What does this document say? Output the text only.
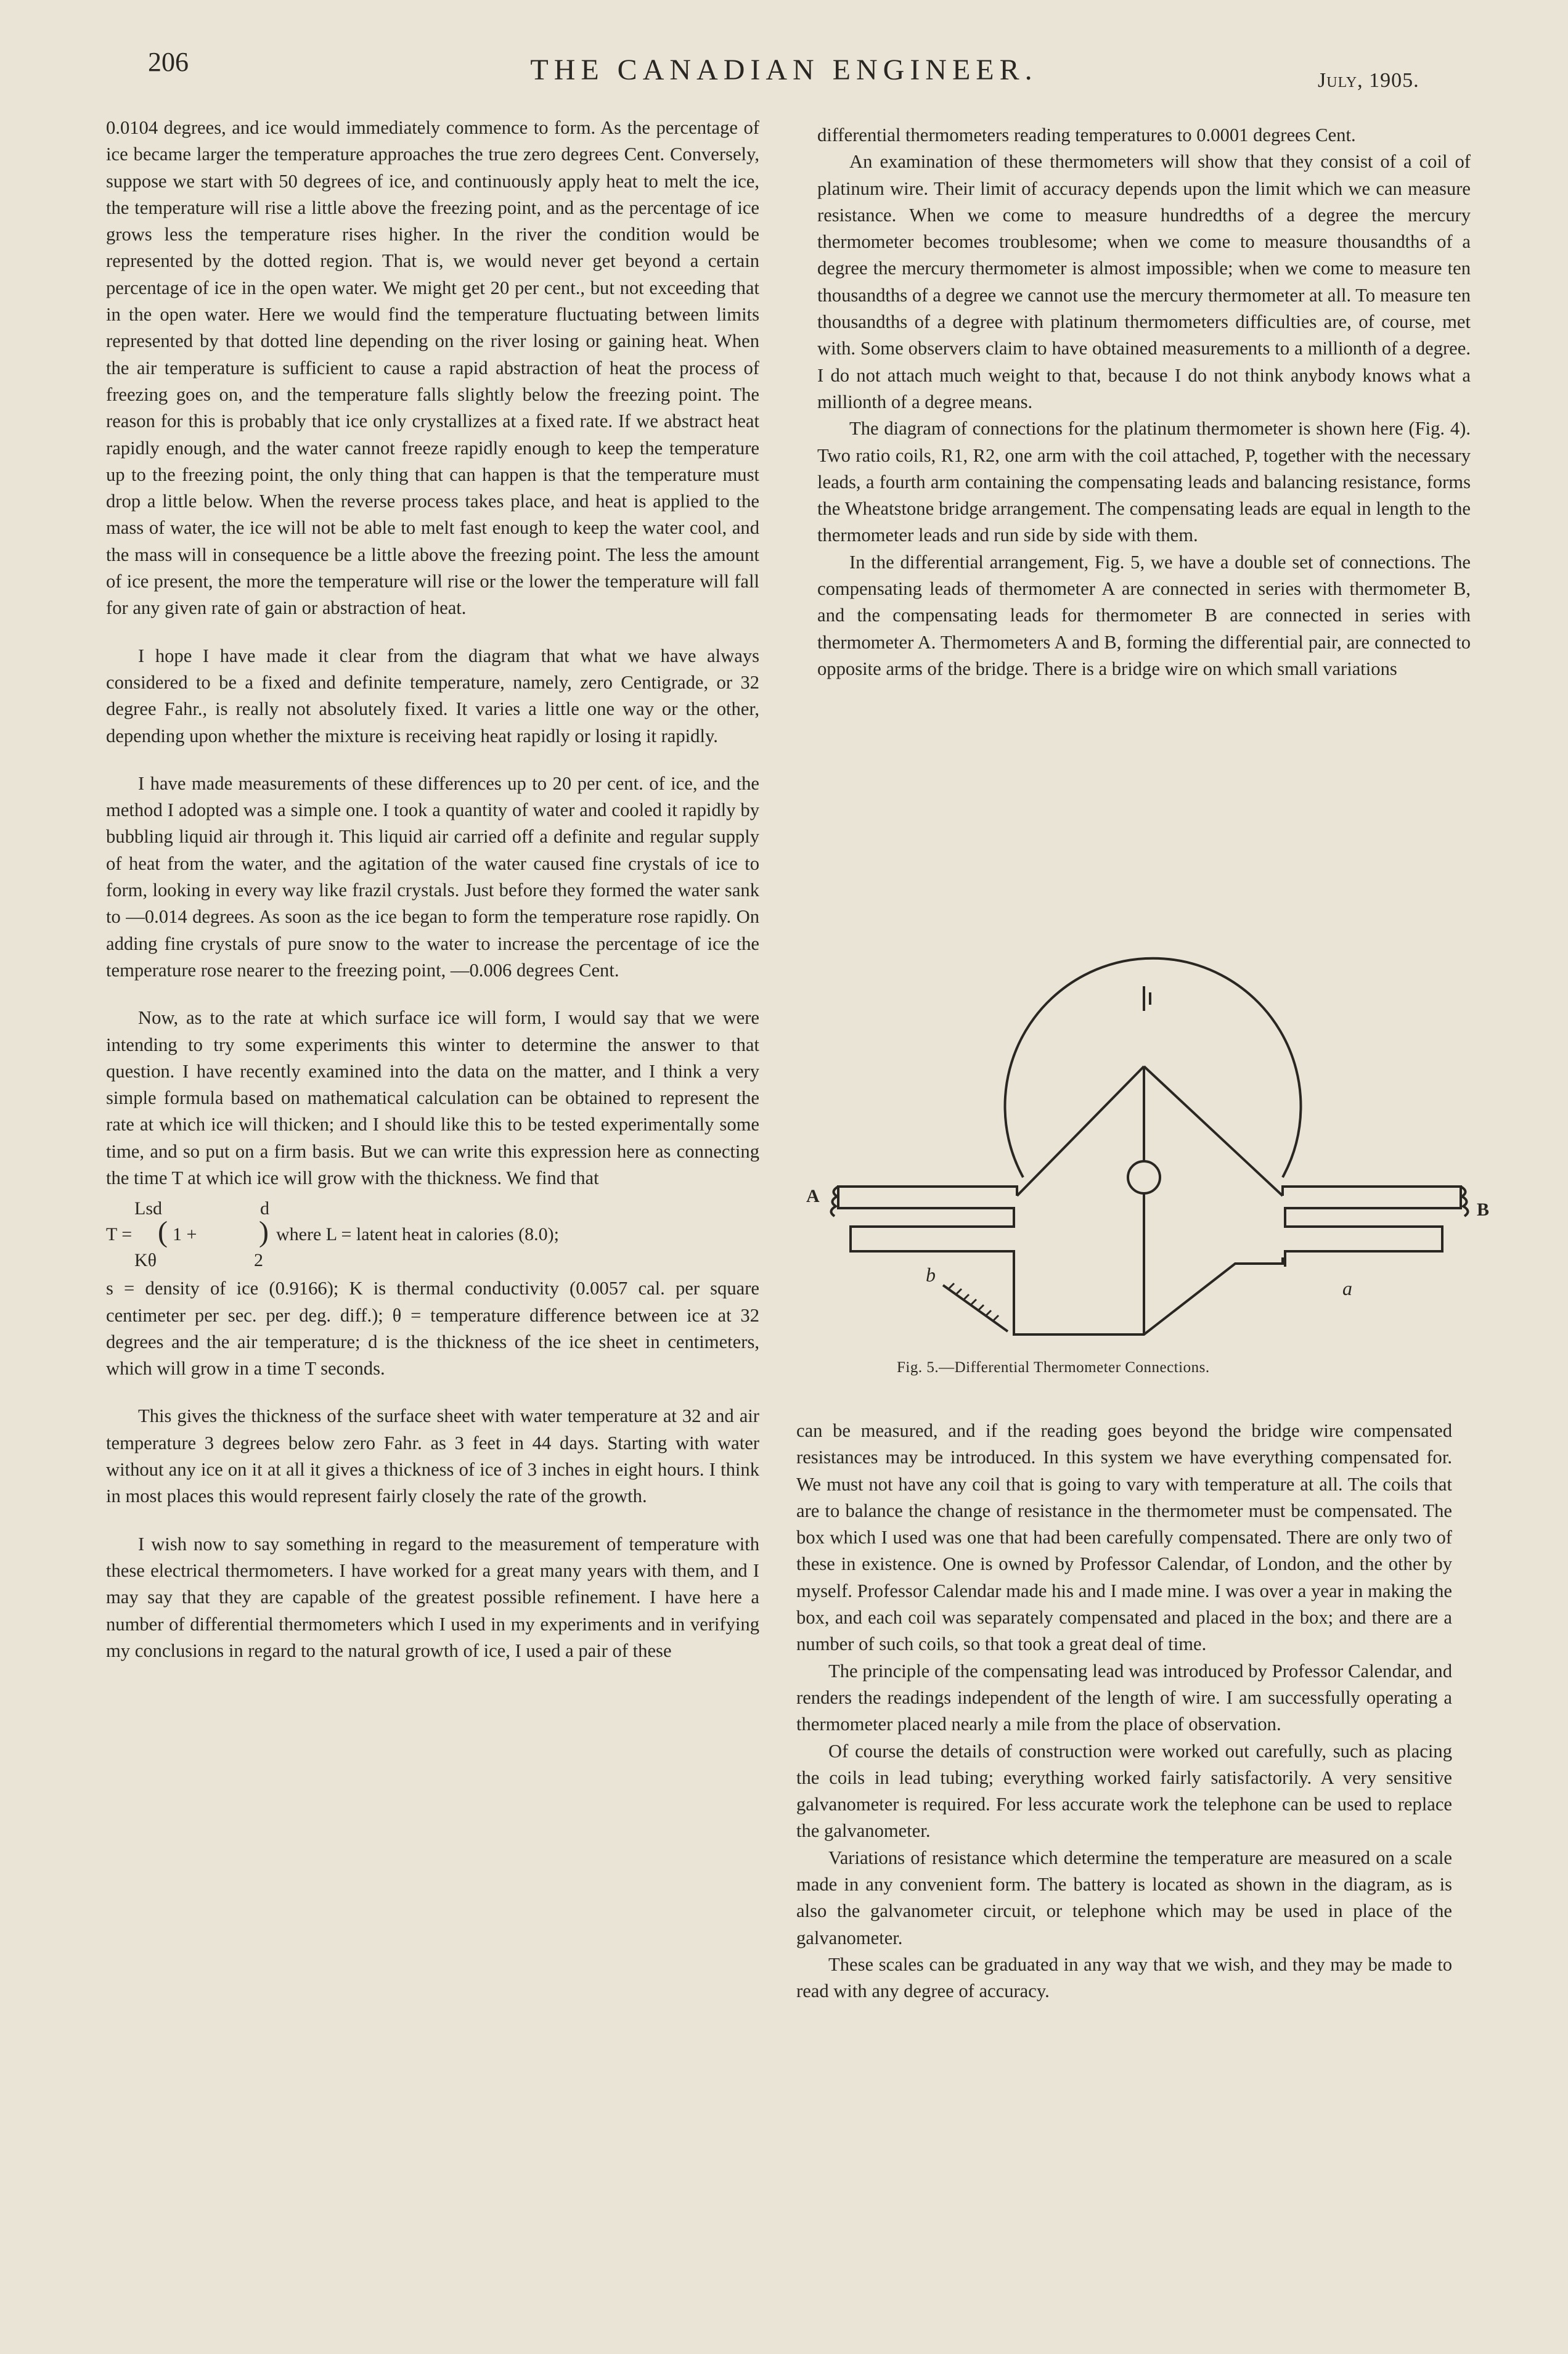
206	THE CANADIAN ENGINEER.	July, 1905.

0.0104 degrees, and ice would immediately commence to form. As the percentage of ice became larger the temperature approaches the true zero degrees Cent. Conversely, suppose we start with 50 degrees of ice, and continuously apply heat to melt the ice, the temperature will rise a little above the freezing point, and as the percentage of ice grows less the temperature rises higher. In the river the condition would be represented by the dotted region. That is, we would never get beyond a certain percentage of ice in the open water. We might get 20 per cent., but not exceeding that in the open water. Here we would find the temperature fluctuating between limits represented by that dotted line depending on the river losing or gaining heat. When the air temperature is sufficient to cause a rapid abstraction of heat the process of freezing goes on, and the temperature falls slightly below the freezing point. The reason for this is probably that ice only crystallizes at a fixed rate. If we abstract heat rapidly enough, and the water cannot freeze rapidly enough to keep the temperature up to the freezing point, the only thing that can happen is that the temperature must drop a little below. When the reverse process takes place, and heat is applied to the mass of water, the ice will not be able to melt fast enough to keep the water cool, and the mass will in consequence be a little above the freezing point. The less the amount of ice present, the more the temperature will rise or the lower the temperature will fall for any given rate of gain or abstraction of heat.

I hope I have made it clear from the diagram that what we have always considered to be a fixed and definite temperature, namely, zero Centigrade, or 32 degree Fahr., is really not absolutely fixed. It varies a little one way or the other, depending upon whether the mixture is receiving heat rapidly or losing it rapidly.

I have made measurements of these differences up to 20 per cent. of ice, and the method I adopted was a simple one. I took a quantity of water and cooled it rapidly by bubbling liquid air through it. This liquid air carried off a definite and regular supply of heat from the water, and the agitation of the water caused fine crystals of ice to form, looking in every way like frazil crystals. Just before they formed the water sank to —0.014 degrees. As soon as the ice began to form the temperature rose rapidly. On adding fine crystals of pure snow to the water to increase the percentage of ice the temperature rose nearer to the freezing point, —0.006 degrees Cent.

Now, as to the rate at which surface ice will form, I would say that we were intending to try some experiments this winter to determine the answer to that question. I have recently examined into the data on the matter, and I think a very simple formula based on mathematical calculation can be obtained to represent the rate at which ice will thicken; and I should like this to be tested experimentally some time, and so put on a firm basis. But we can write this expression here as connecting the time T at which ice will grow with the thickness. We find that

Lsd	d
T = ( 1 + ) where L = latent heat in calories (8.0);
Kθ	2

s = density of ice (0.9166); K is thermal conductivity (0.0057 cal. per square centimeter per sec. per deg. diff.); θ = temperature difference between ice at 32 degrees and the air temperature; d is the thickness of the ice sheet in centimeters, which will grow in a time T seconds.

This gives the thickness of the surface sheet with water temperature at 32 and air temperature 3 degrees below zero Fahr. as 3 feet in 44 days. Starting with water without any ice on it at all it gives a thickness of ice of 3 inches in eight hours. I think in most places this would represent fairly closely the rate of the growth.

I wish now to say something in regard to the measurement of temperature with these electrical thermometers. I have worked for a great many years with them, and I may say that they are capable of the greatest possible refinement. I have here a number of differential thermometers which I used in my experiments and in verifying my conclusions in regard to the natural growth of ice, I used a pair of these

differential thermometers reading temperatures to 0.0001 degrees Cent.

An examination of these thermometers will show that they consist of a coil of platinum wire. Their limit of accuracy depends upon the limit which we can measure resistance. When we come to measure hundredths of a degree the mercury thermometer becomes troublesome; when we come to measure thousandths of a degree the mercury thermometer is almost impossible; when we come to measure ten thousandths of a degree we cannot use the mercury thermometer at all. To measure ten thousandths of a degree with platinum thermometers difficulties are, of course, met with. Some observers claim to have obtained measurements to a millionth of a degree. I do not attach much weight to that, because I do not think anybody knows what a millionth of a degree means.

The diagram of connections for the platinum thermometer is shown here (Fig. 4). Two ratio coils, R1, R2, one arm with the coil attached, P, together with the necessary leads, a fourth arm containing the compensating leads and balancing resistance, forms the Wheatstone bridge arrangement. The compensating leads are equal in length to the thermometer leads and run side by side with them.

In the differential arrangement, Fig. 5, we have a double set of connections. The compensating leads of thermometer A are connected in series with thermometer B, and the compensating leads for thermometer B are connected in series with thermometer A. Thermometers A and B, forming the differential pair, are connected to opposite arms of the bridge. There is a bridge wire on which small variations

A
B
b
a
Fig. 5.—Differential Thermometer Connections.

can be measured, and if the reading goes beyond the bridge wire compensated resistances may be introduced. In this system we have everything compensated for. We must not have any coil that is going to vary with temperature at all. The coils that are to balance the change of resistance in the thermometer must be compensated. The box which I used was one that had been carefully compensated. There are only two of these in existence. One is owned by Professor Calendar, of London, and the other by myself. Professor Calendar made his and I made mine. I was over a year in making the box, and each coil was separately compensated and placed in the box; and there are a number of such coils, so that took a great deal of time.

The principle of the compensating lead was introduced by Professor Calendar, and renders the readings independent of the length of wire. I am successfully operating a thermometer placed nearly a mile from the place of observation.

Of course the details of construction were worked out carefully, such as placing the coils in lead tubing; everything worked fairly satisfactorily. A very sensitive galvanometer is required. For less accurate work the telephone can be used to replace the galvanometer.

Variations of resistance which determine the temperature are measured on a scale made in any convenient form. The battery is located as shown in the diagram, as is also the galvanometer circuit, or telephone which may be used in place of the galvanometer.

These scales can be graduated in any way that we wish, and they may be made to read with any degree of accuracy.
